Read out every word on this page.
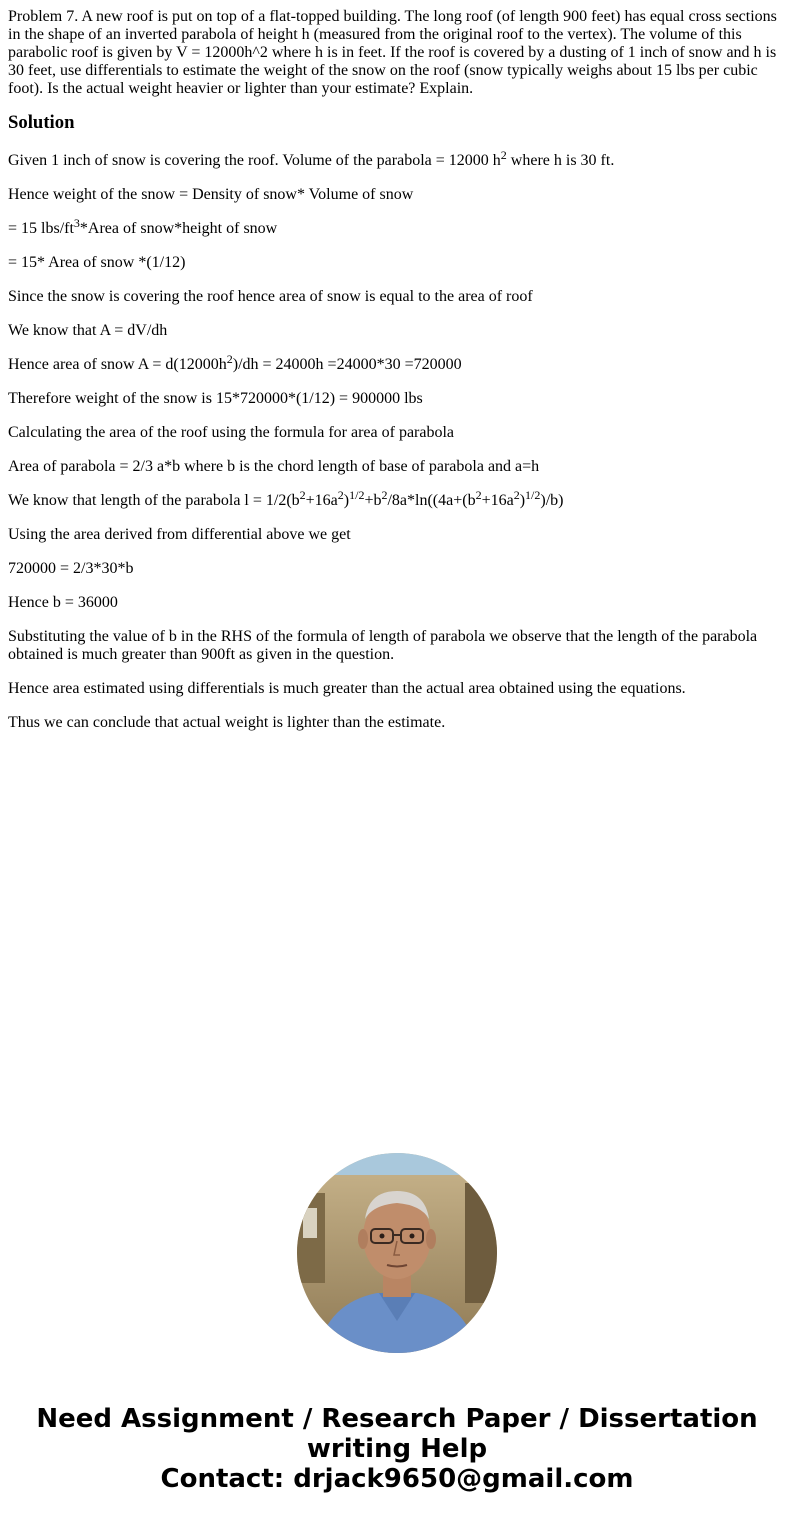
Problem 7. A new roof is put on top of a flat-topped building. The long roof (of length 900 feet) has equal cross sections in the shape of an inverted parabola of height h (measured from the original roof to the vertex). The volume of this parabolic roof is given by V = 12000h^2 where h is in feet. If the roof is covered by a dusting of 1 inch of snow and h is 30 feet, use differentials to estimate the weight of the snow on the roof (snow typically weighs about 15 lbs per cubic foot). Is the actual weight heavier or lighter than your estimate? Explain.

Solution

Given 1 inch of snow is covering the roof. Volume of the parabola = 12000 $h^2$ where h is 30 ft.

Hence weight of the snow = Density of snow* Volume of snow

= 15 lbs/$ft^3*Area$ of snow*height of snow

= 15* Area of snow *(1/12)

Since the snow is covering the roof hence area of snow is equal to the area of roof

We know that A = dV/dh

Hence area of snow $A = d(12000h^2)/dh = 24000h =24000*30 =720000$

Therefore weight of the snow is 15*720000*(1/12) = 900000 lbs

Calculating the area of the roof using the formula for area of parabola

Area of parabola = 2/3 a*b where b is the chord length of base of parabola and a=h

We know that length of the parabola $l = 1/2(b^2+16a^2)^{1/2}+b^2/8a*\ln((4a+(b^2+16a^2)^{1/2})/b)$

Using the area derived from differential above we get

720000 = 2/3*30*b

Hence b = 36000

Substituting the value of b in the RHS of the formula of length of parabola we observe that the length of the parabola obtained is much greater than 900ft as given in the question.

Hence area estimated using differentials is much greater than the actual area obtained using the equations.

Thus we can conclude that actual weight is lighter than the estimate.

Need Assignment / Research Paper / Dissertation
writing Help
Contact: drjack9650@gmail.com
